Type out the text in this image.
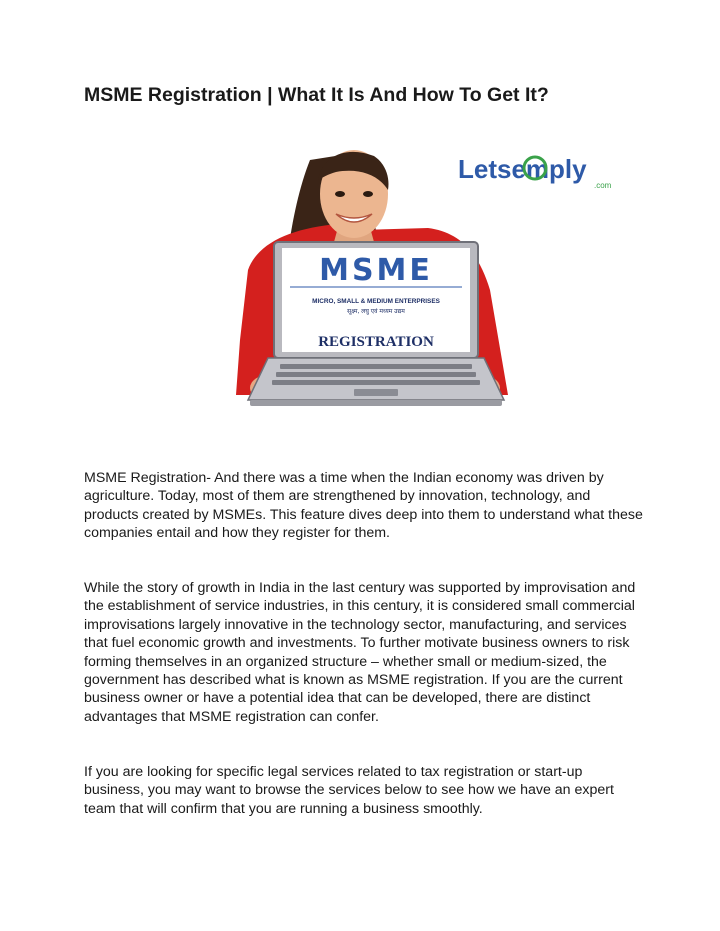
MSME Registration | What It Is And How To Get It?
MSME
MICRO, SMALL & MEDIUM ENTERPRISES
सूक्ष्म, लघु एवं मध्यम उद्यम
REGISTRATION
Letsemply
.com

MSME Registration- And there was a time when the Indian economy was driven by agriculture. Today, most of them are strengthened by innovation, technology, and products created by MSMEs. This feature dives deep into them to understand what these companies entail and how they register for them.

While the story of growth in India in the last century was supported by improvisation and the establishment of service industries, in this century, it is considered small commercial improvisations largely innovative in the technology sector, manufacturing, and services that fuel economic growth and investments. To further motivate business owners to risk forming themselves in an organized structure – whether small or medium-sized, the government has described what is known as MSME registration. If you are the current business owner or have a potential idea that can be developed, there are distinct advantages that MSME registration can confer.

If you are looking for specific legal services related to tax registration or start-up business, you may want to browse the services below to see how we have an expert team that will confirm that you are running a business smoothly.
